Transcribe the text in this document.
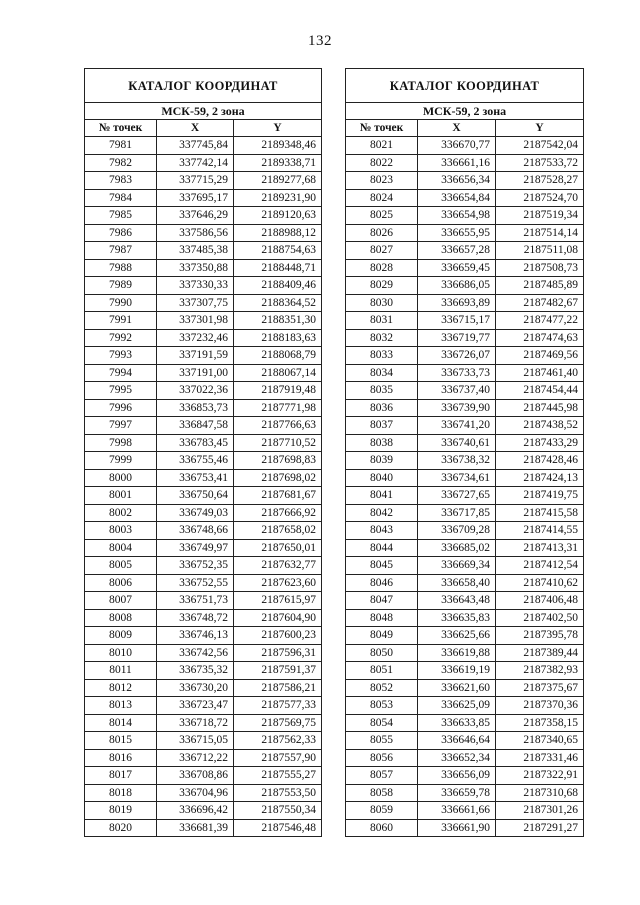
132
КАТАЛОГ КООРДИНАТ		
МСК-59, 2 зона		
№ точек	X	Y
7981	337745,84	2189348,46
7982	337742,14	2189338,71
7983	337715,29	2189277,68
7984	337695,17	2189231,90
7985	337646,29	2189120,63
7986	337586,56	2188988,12
7987	337485,38	2188754,63
7988	337350,88	2188448,71
7989	337330,33	2188409,46
7990	337307,75	2188364,52
7991	337301,98	2188351,30
7992	337232,46	2188183,63
7993	337191,59	2188068,79
7994	337191,00	2188067,14
7995	337022,36	2187919,48
7996	336853,73	2187771,98
7997	336847,58	2187766,63
7998	336783,45	2187710,52
7999	336755,46	2187698,83
8000	336753,41	2187698,02
8001	336750,64	2187681,67
8002	336749,03	2187666,92
8003	336748,66	2187658,02
8004	336749,97	2187650,01
8005	336752,35	2187632,77
8006	336752,55	2187623,60
8007	336751,73	2187615,97
8008	336748,72	2187604,90
8009	336746,13	2187600,23
8010	336742,56	2187596,31
8011	336735,32	2187591,37
8012	336730,20	2187586,21
8013	336723,47	2187577,33
8014	336718,72	2187569,75
8015	336715,05	2187562,33
8016	336712,22	2187557,90
8017	336708,86	2187555,27
8018	336704,96	2187553,50
8019	336696,42	2187550,34
8020	336681,39	2187546,48
КАТАЛОГ КООРДИНАТ		
МСК-59, 2 зона		
№ точек	X	Y
8021	336670,77	2187542,04
8022	336661,16	2187533,72
8023	336656,34	2187528,27
8024	336654,84	2187524,70
8025	336654,98	2187519,34
8026	336655,95	2187514,14
8027	336657,28	2187511,08
8028	336659,45	2187508,73
8029	336686,05	2187485,89
8030	336693,89	2187482,67
8031	336715,17	2187477,22
8032	336719,77	2187474,63
8033	336726,07	2187469,56
8034	336733,73	2187461,40
8035	336737,40	2187454,44
8036	336739,90	2187445,98
8037	336741,20	2187438,52
8038	336740,61	2187433,29
8039	336738,32	2187428,46
8040	336734,61	2187424,13
8041	336727,65	2187419,75
8042	336717,85	2187415,58
8043	336709,28	2187414,55
8044	336685,02	2187413,31
8045	336669,34	2187412,54
8046	336658,40	2187410,62
8047	336643,48	2187406,48
8048	336635,83	2187402,50
8049	336625,66	2187395,78
8050	336619,88	2187389,44
8051	336619,19	2187382,93
8052	336621,60	2187375,67
8053	336625,09	2187370,36
8054	336633,85	2187358,15
8055	336646,64	2187340,65
8056	336652,34	2187331,46
8057	336656,09	2187322,91
8058	336659,78	2187310,68
8059	336661,66	2187301,26
8060	336661,90	2187291,27
